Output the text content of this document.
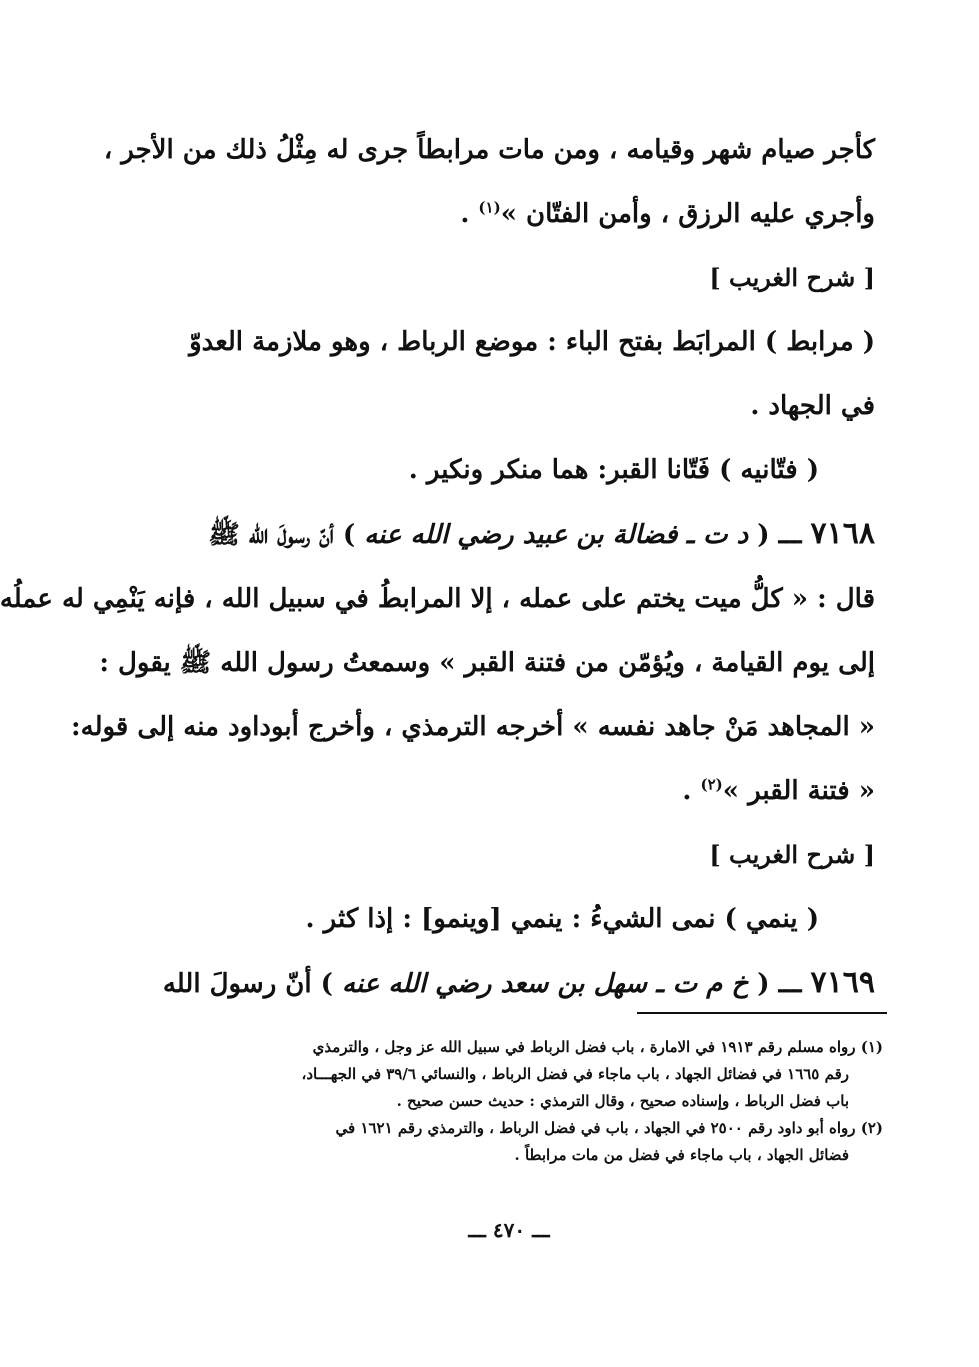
كأجر صيام شهر وقيامه ، ومن مات مرابطاً جرى له مِثْلُ ذلك من الأجر ،
وأجري عليه الرزق ، وأمن الفتّان »$^{(١)}$ .
[ شرح الغريب ]
( مرابط ) المرابَط بفتح الباء : موضع الرباط ، وهو ملازمة العدوّ
في الجهاد .
( فتّانيه ) فَتّانا القبر: هما منكر ونكير .
٧١٦٨ ـــ ( د ت ـ فضالة بن عبيد رضي الله عنه ) أنّ رسولَ الله ﷺ
قال : « كلُّ ميت يختم على عمله ، إلا المرابطُ في سبيل الله ، فإنه يَنْمِي له عملُه
إلى يوم القيامة ، ويُؤمّن من فتنة القبر » وسمعتُ رسول الله ﷺ يقول :
« المجاهد مَنْ جاهد نفسه » أخرجه الترمذي ، وأخرج أبوداود منه إلى قوله:
« فتنة القبر »$^{(٢)}$ .
[ شرح الغريب ]
( ينمي ) نمى الشيءُ : ينمي [وينمو] : إذا كثر .
٧١٦٩ ـــ ( خ م ت ـ سهل بن سعد رضي الله عنه ) أنّ رسولَ الله
(١) رواه مسلم رقم ١٩١٣ في الامارة ، باب فضل الرباط في سبيل الله عز وجل ، والترمذي
رقم ١٦٦٥ في فضائل الجهاد ، باب ماجاء في فضل الرباط ، والنسائي ٣٩/٦ في الجهـــاد،
باب فضل الرباط ، وإسناده صحيح ، وقال الترمذي : حديث حسن صحيح .
(٢) رواه أبو داود رقم ٢٥٠٠ في الجهاد ، باب في فضل الرباط ، والترمذي رقم ١٦٢١ في
فضائل الجهاد ، باب ماجاء في فضل من مات مرابطاً .
ـــ ٤٧٠ ـــ
